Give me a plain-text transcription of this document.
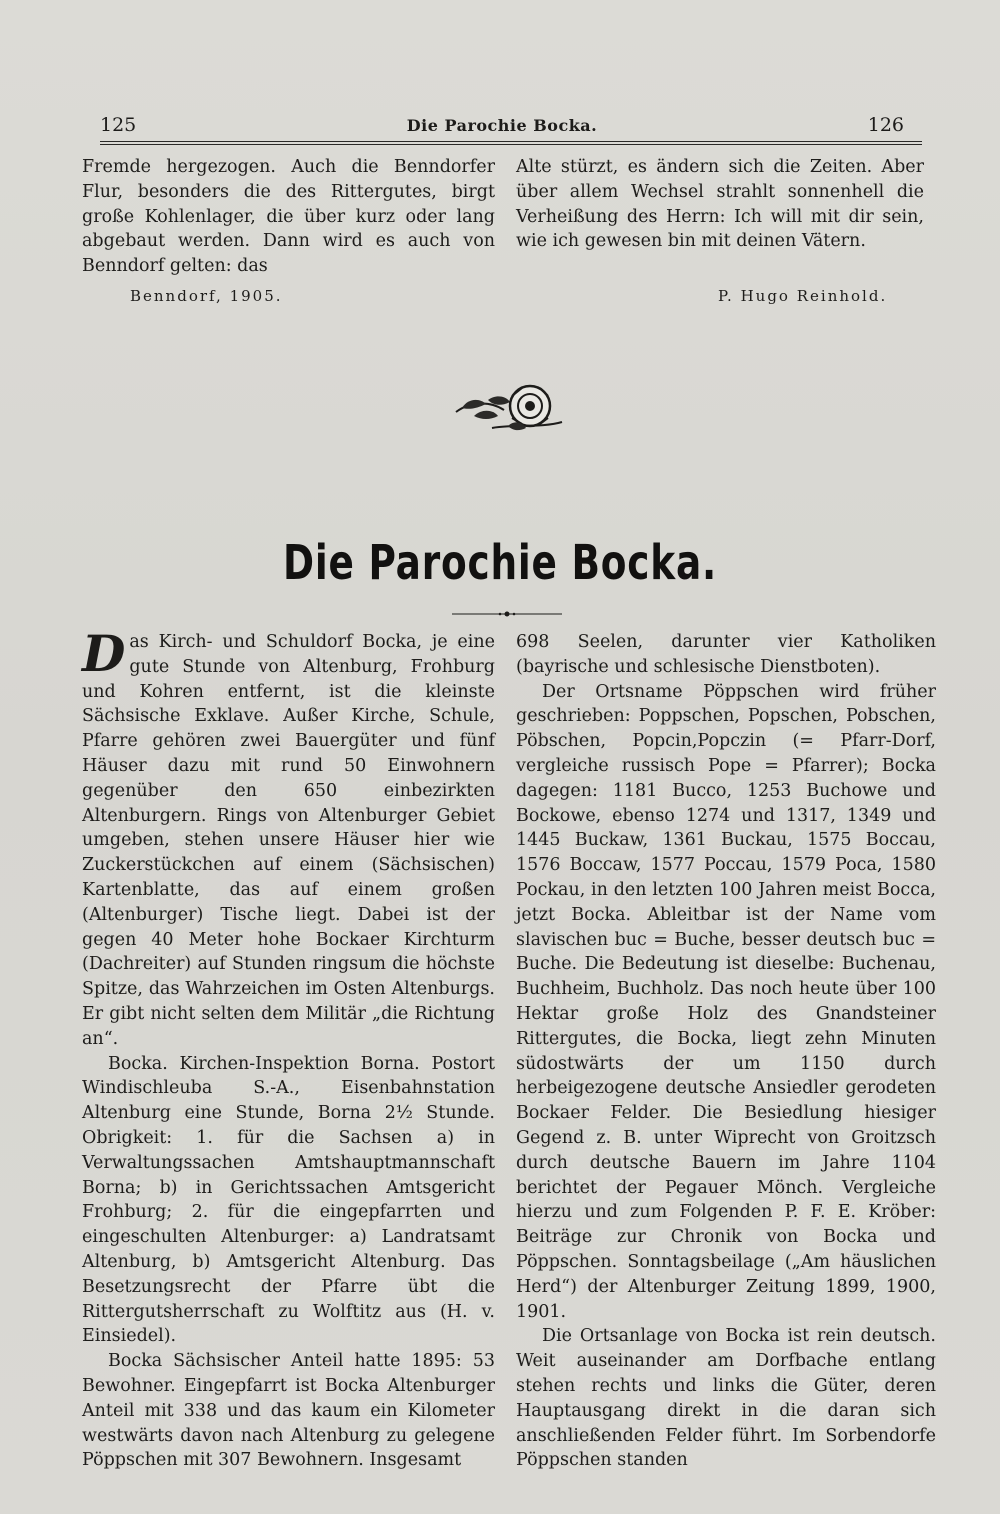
125	Die Parochie Bocka.	126

Fremde hergezogen. Auch die Benndorfer Flur, besonders die des Rittergutes, birgt große Kohlenlager, die über kurz oder lang abgebaut werden. Dann wird es auch von Benndorf gelten: das

Alte stürzt, es ändern sich die Zeiten. Aber über allem Wechsel strahlt sonnenhell die Verheißung des Herrn: Ich will mit dir sein, wie ich gewesen bin mit deinen Vätern.

Benndorf, 1905.	P. Hugo Reinhold.
Die Parochie Bocka.

Das Kirch- und Schuldorf Bocka, je eine gute Stunde von Altenburg, Frohburg und Kohren entfernt, ist die kleinste Sächsische Exklave. Außer Kirche, Schule, Pfarre gehören zwei Bauergüter und fünf Häuser dazu mit rund 50 Einwohnern gegenüber den 650 einbezirkten Altenburgern. Rings von Altenburger Gebiet umgeben, stehen unsere Häuser hier wie Zuckerstückchen auf einem (Sächsischen) Kartenblatte, das auf einem großen (Altenburger) Tische liegt. Dabei ist der gegen 40 Meter hohe Bockaer Kirchturm (Dachreiter) auf Stunden ringsum die höchste Spitze, das Wahrzeichen im Osten Altenburgs. Er gibt nicht selten dem Militär „die Richtung an“.

Bocka. Kirchen-Inspektion Borna. Postort Windischleuba S.-A., Eisenbahnstation Altenburg eine Stunde, Borna 2½ Stunde. Obrigkeit: 1. für die Sachsen a) in Verwaltungssachen Amtshauptmannschaft Borna; b) in Gerichtssachen Amtsgericht Frohburg; 2. für die eingepfarrten und eingeschulten Altenburger: a) Landratsamt Altenburg, b) Amtsgericht Altenburg. Das Besetzungsrecht der Pfarre übt die Rittergutsherrschaft zu Wolftitz aus (H. v. Einsiedel).

Bocka Sächsischer Anteil hatte 1895: 53 Bewohner. Eingepfarrt ist Bocka Altenburger Anteil mit 338 und das kaum ein Kilometer westwärts davon nach Altenburg zu gelegene Pöppschen mit 307 Bewohnern. Insgesamt

698 Seelen, darunter vier Katholiken (bayrische und schlesische Dienstboten).

Der Ortsname Pöppschen wird früher geschrieben: Poppschen, Popschen, Pobschen, Pöbschen, Popcin,Popczin (= Pfarr-Dorf, vergleiche russisch Pope = Pfarrer); Bocka dagegen: 1181 Bucco, 1253 Buchowe und Bockowe, ebenso 1274 und 1317, 1349 und 1445 Buckaw, 1361 Buckau, 1575 Boccau, 1576 Boccaw, 1577 Poccau, 1579 Poca, 1580 Pockau, in den letzten 100 Jahren meist Bocca, jetzt Bocka. Ableitbar ist der Name vom slavischen buc = Buche, besser deutsch buc = Buche. Die Bedeutung ist dieselbe: Buchenau, Buchheim, Buchholz. Das noch heute über 100 Hektar große Holz des Gnandsteiner Rittergutes, die Bocka, liegt zehn Minuten südostwärts der um 1150 durch herbeigezogene deutsche Ansiedler gerodeten Bockaer Felder. Die Besiedlung hiesiger Gegend z. B. unter Wiprecht von Groitzsch durch deutsche Bauern im Jahre 1104 berichtet der Pegauer Mönch. Vergleiche hierzu und zum Folgenden P. F. E. Kröber: Beiträge zur Chronik von Bocka und Pöppschen. Sonntagsbeilage („Am häuslichen Herd“) der Altenburger Zeitung 1899, 1900, 1901.

Die Ortsanlage von Bocka ist rein deutsch. Weit auseinander am Dorfbache entlang stehen rechts und links die Güter, deren Hauptausgang direkt in die daran sich anschließenden Felder führt. Im Sorbendorfe Pöppschen standen
